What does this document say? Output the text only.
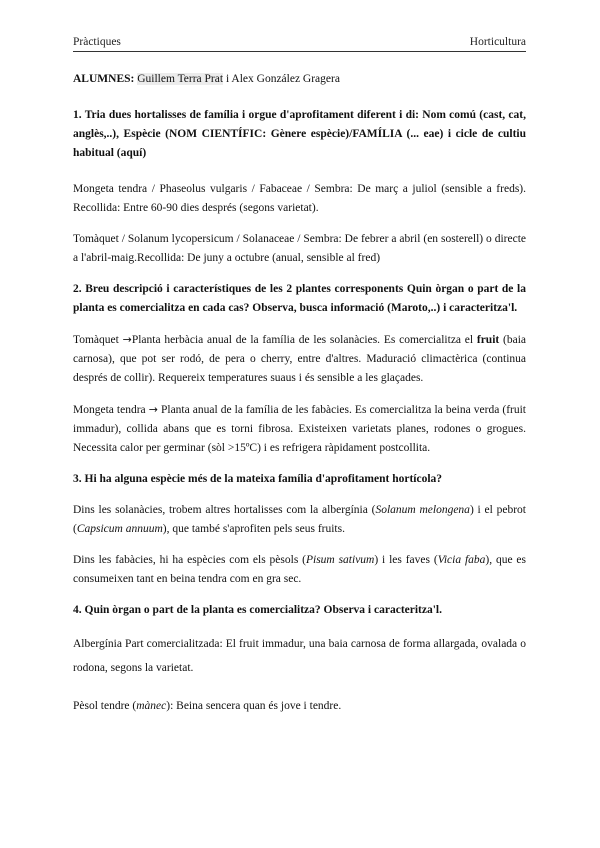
Pràctiques	Horticultura

ALUMNES: Guillem Terra Prat i Alex González Gragera

1. Tria dues hortalisses de família i orgue d'aprofitament diferent i di: Nom comú (cast, cat, anglès,..), Espècie (NOM CIENTÍFIC: Gènere espècie)/FAMÍLIA (... eae) i cicle de cultiu habitual (aquí)

Mongeta tendra / Phaseolus vulgaris / Fabaceae / Sembra: De març a juliol (sensible a freds). Recollida: Entre 60-90 dies després (segons varietat).

Tomàquet / Solanum lycopersicum / Solanaceae / Sembra: De febrer a abril (en sosterell) o directe a l'abril-maig.Recollida: De juny a octubre (anual, sensible al fred)

2. Breu descripció i característiques de les 2 plantes corresponents Quin òrgan o part de la planta es comercialitza en cada cas? Observa, busca informació (Maroto,..) i caracteritza'l.

Tomàquet →Planta herbàcia anual de la família de les solanàcies. Es comercialitza el fruit (baia carnosa), que pot ser rodó, de pera o cherry, entre d'altres. Maduració climactèrica (continua després de collir). Requereix temperatures suaus i és sensible a les glaçades.

Mongeta tendra → Planta anual de la família de les fabàcies. Es comercialitza la beina verda (fruit immadur), collida abans que es torni fibrosa. Existeixen varietats planes, rodones o grogues. Necessita calor per germinar (sòl >15ºC) i es refrigera ràpidament postcollita.

3. Hi ha alguna espècie més de la mateixa família d'aprofitament hortícola?

Dins les solanàcies, trobem altres hortalisses com la albergínia (Solanum melongena) i el pebrot (Capsicum annuum), que també s'aprofiten pels seus fruits.

Dins les fabàcies, hi ha espècies com els pèsols (Pisum sativum) i les faves (Vicia faba), que es consumeixen tant en beina tendra com en gra sec.

4. Quin òrgan o part de la planta es comercialitza? Observa i caracteritza'l.

Albergínia Part comercialitzada: El fruit immadur, una baia carnosa de forma allargada, ovalada o rodona, segons la varietat.

Pèsol tendre (mànec): Beina sencera quan és jove i tendre.
